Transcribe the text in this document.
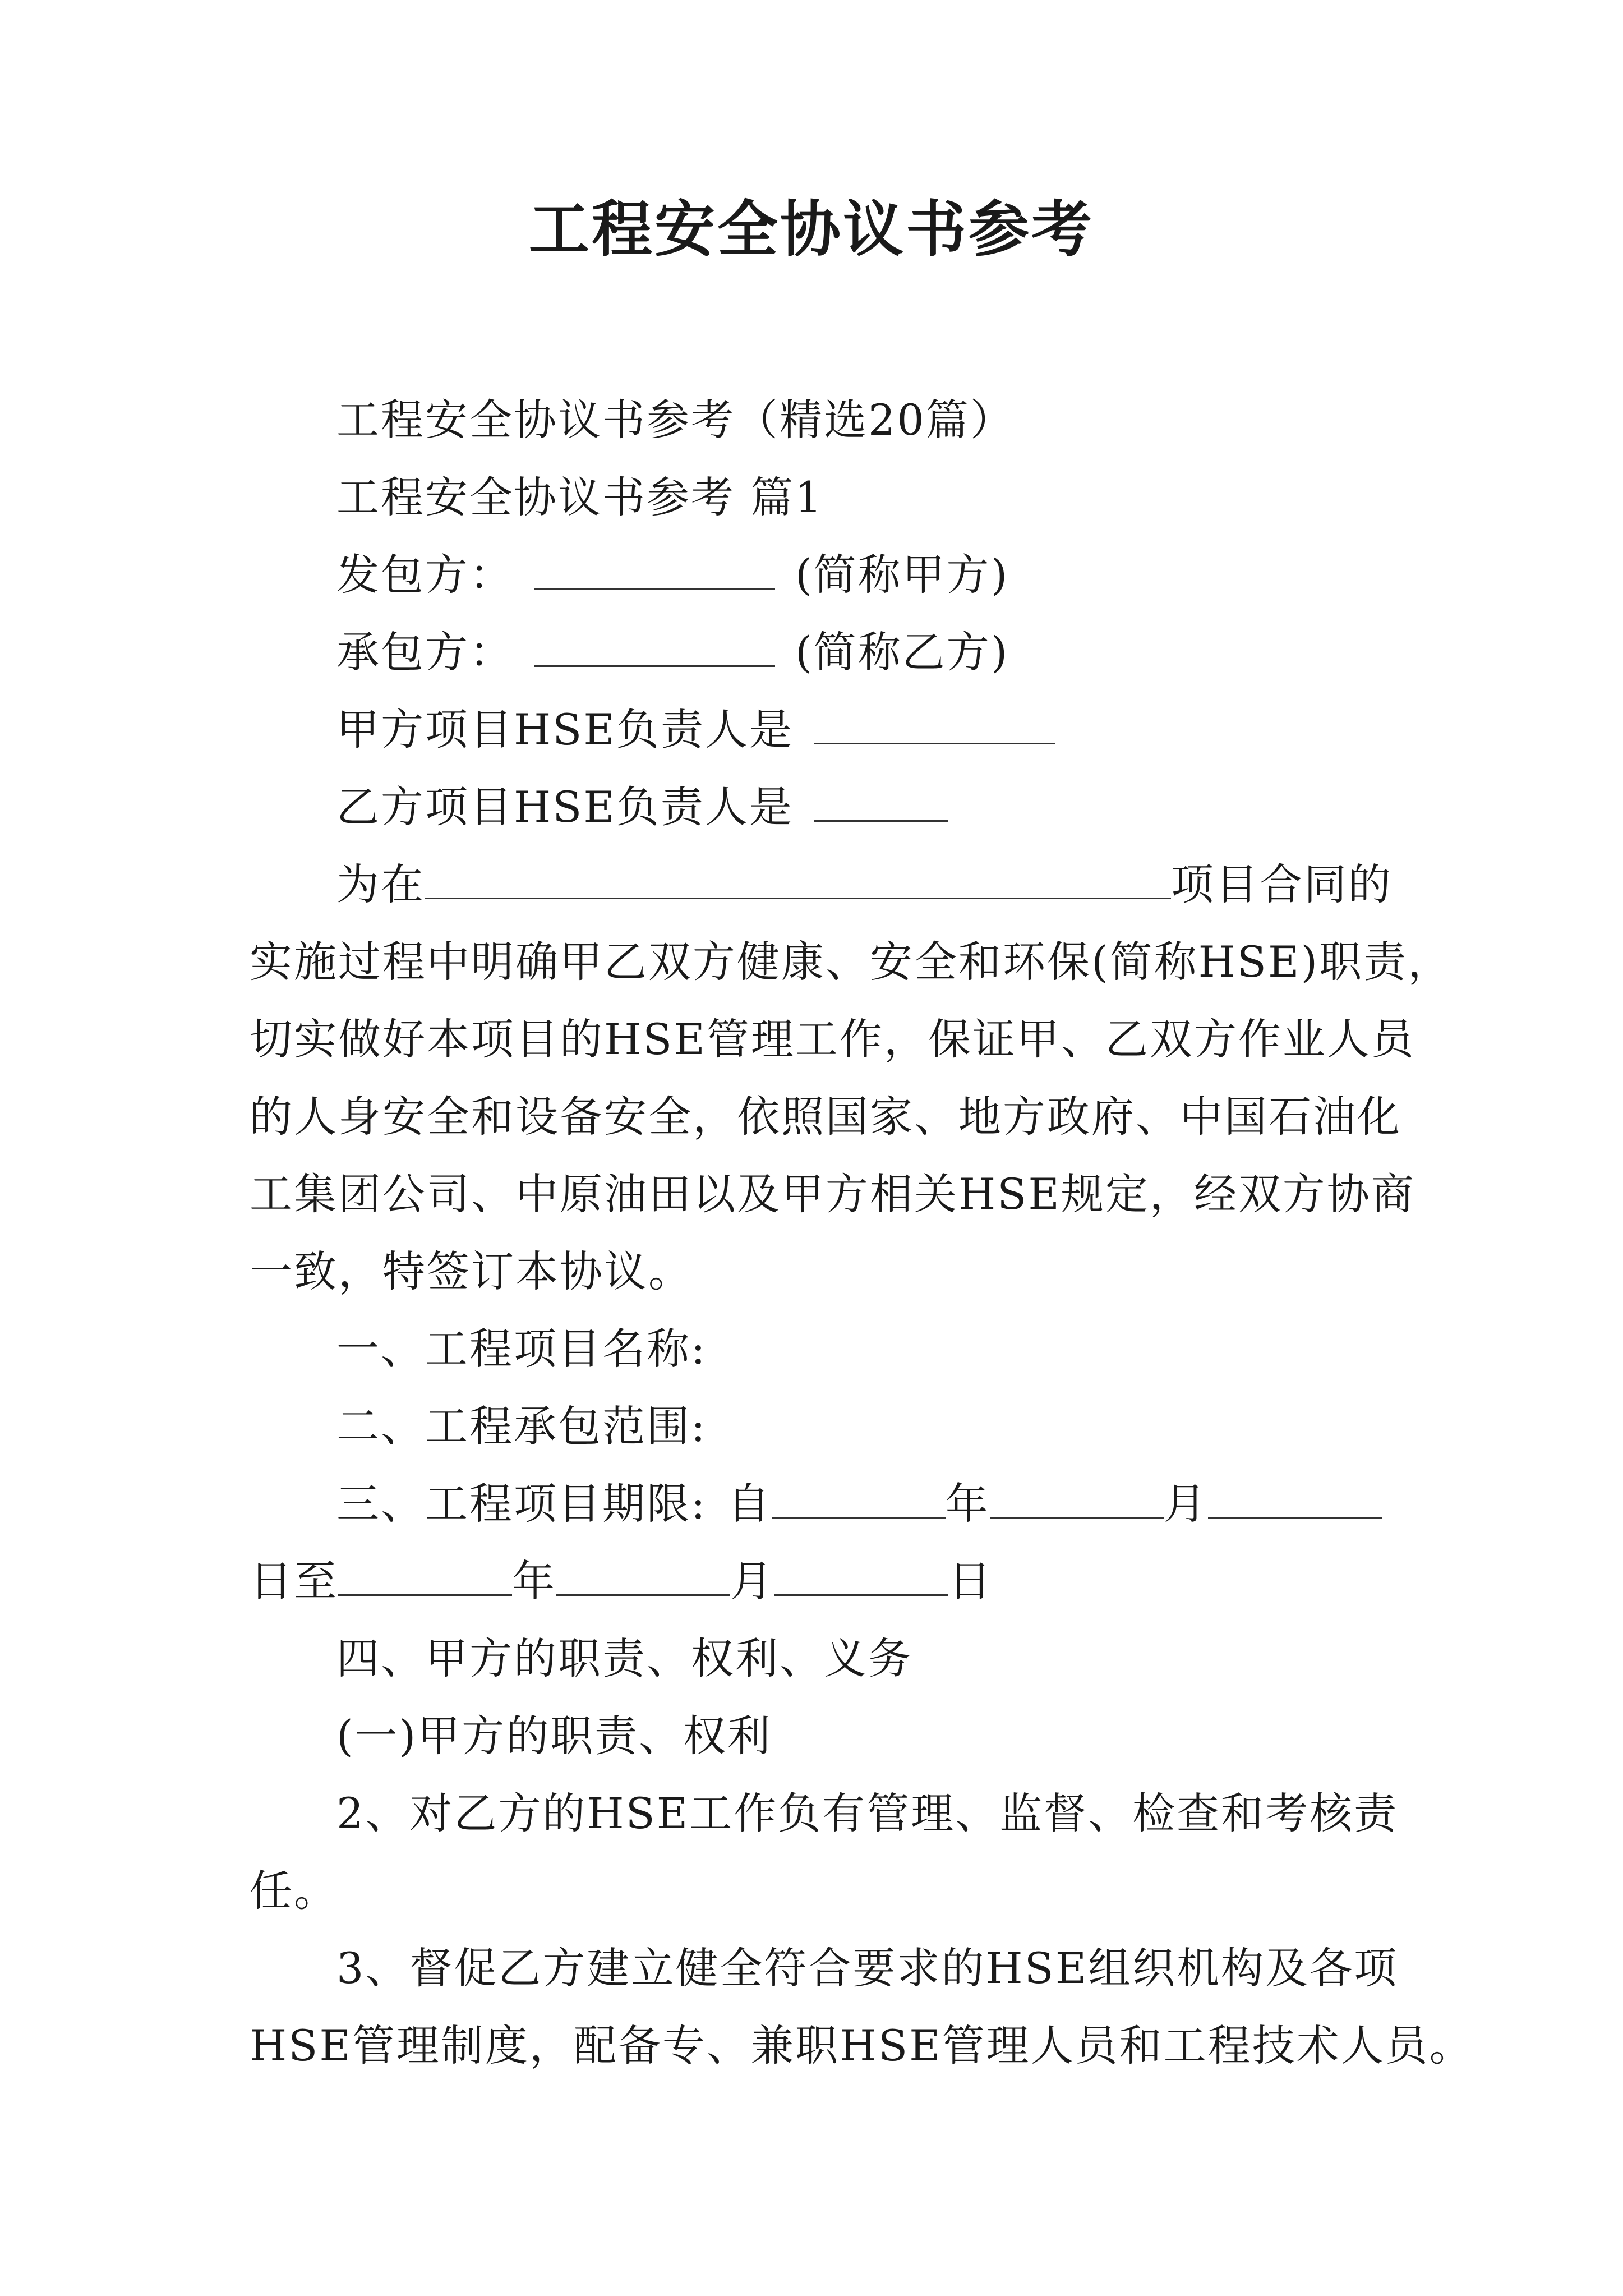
工程安全协议书参考
工程安全协议书参考（精选20篇）
工程安全协议书参考 篇1
发包方：	(简称甲方)
承包方：	(简称乙方)
甲方项目HSE负责人是
乙方项目HSE负责人是
为在	项目合同的
实施过程中明确甲乙双方健康、安全和环保(简称HSE)职责，
切实做好本项目的HSE管理工作，保证甲、乙双方作业人员
的人身安全和设备安全，依照国家、地方政府、中国石油化
工集团公司、中原油田以及甲方相关HSE规定，经双方协商
一致，特签订本协议。
一、工程项目名称:
二、工程承包范围:
三、工程项目期限: 自	年	月
日至	年	月	日
四、甲方的职责、权利、义务
(一)甲方的职责、权利
2、对乙方的HSE工作负有管理、监督、检查和考核责
任。
3、督促乙方建立健全符合要求的HSE组织机构及各项
HSE管理制度，配备专、兼职HSE管理人员和工程技术人员。
